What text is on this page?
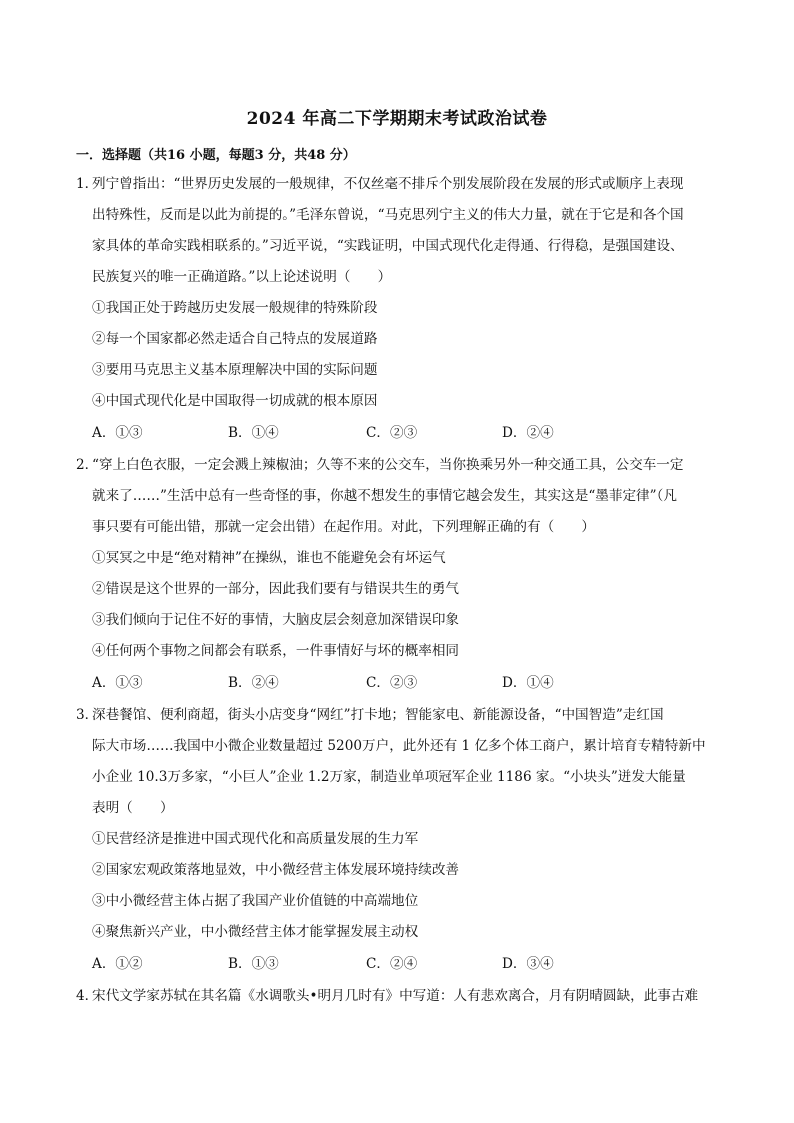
2024 年高二下学期期末考试政治试卷
一．选择题（共16 小题，每题3 分，共48 分）
1．
列宁曾指出：“世界历史发展的一般规律，不仅丝毫不排斥个别发展阶段在发展的形式或顺序上表现
出特殊性，反而是以此为前提的。”毛泽东曾说，“马克思列宁主义的伟大力量，就在于它是和各个国
家具体的革命实践相联系的。”习近平说，“实践证明，中国式现代化走得通、行得稳，是强国建设、
民族复兴的唯一正确道路。”以上论述说明（　　）
①我国正处于跨越历史发展一般规律的特殊阶段
②每一个国家都必然走适合自己特点的发展道路
③要用马克思主义基本原理解决中国的实际问题
④中国式现代化是中国取得一切成就的根本原因
A．①③	B．①④	C．②③	D．②④
2．
“穿上白色衣服，一定会溅上辣椒油；久等不来的公交车，当你换乘另外一种交通工具，公交车一定
就来了……”生活中总有一些奇怪的事，你越不想发生的事情它越会发生，其实这是“墨菲定律”（凡
事只要有可能出错，那就一定会出错）在起作用。对此，下列理解正确的有（　　）
①冥冥之中是“绝对精神”在操纵，谁也不能避免会有坏运气
②错误是这个世界的一部分，因此我们要有与错误共生的勇气
③我们倾向于记住不好的事情，大脑皮层会刻意加深错误印象
④任何两个事物之间都会有联系，一件事情好与坏的概率相同
A．①③	B．②④	C．②③	D．①④
3．
深巷餐馆、便利商超，街头小店变身“网红”打卡地；智能家电、新能源设备，“中国智造”走红国
际大市场……我国中小微企业数量超过 5200万户，此外还有 1 亿多个体工商户，累计培育专精特新中
小企业 10.3万多家，“小巨人”企业 1.2万家，制造业单项冠军企业 1186 家。“小块头”迸发大能量
表明（　　）
①民营经济是推进中国式现代化和高质量发展的生力军
②国家宏观政策落地显效，中小微经营主体发展环境持续改善
③中小微经营主体占据了我国产业价值链的中高端地位
④聚焦新兴产业，中小微经营主体才能掌握发展主动权
A．①②	B．①③	C．②④	D．③④
4．
宋代文学家苏轼在其名篇《水调歌头•明月几时有》中写道：人有悲欢离合，月有阴晴圆缺，此事古难
